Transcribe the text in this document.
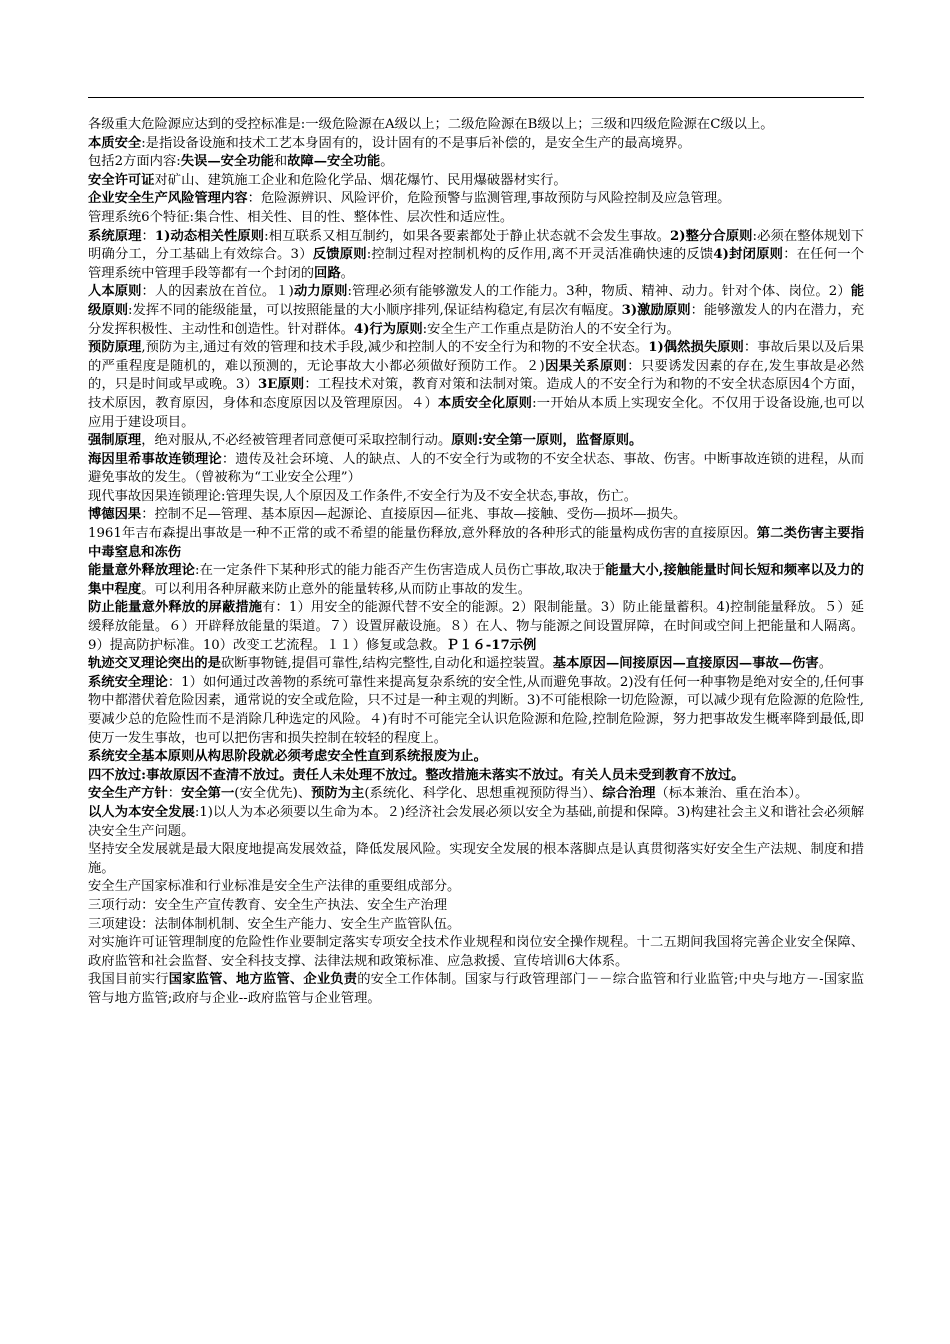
各级重大危险源应达到的受控标准是:一级危险源在A级以上；二级危险源在B级以上；三级和四级危险源在C级以上。

本质安全:是指设备设施和技术工艺本身固有的，设计固有的不是事后补偿的，是安全生产的最高境界。

包括2方面内容:失误—安全功能和故障—安全功能。

安全许可证对矿山、建筑施工企业和危险化学品、烟花爆竹、民用爆破器材实行。

企业安全生产风险管理内容：危险源辨识、风险评价，危险预警与监测管理,事故预防与风险控制及应急管理。

管理系统6个特征:集合性、相关性、目的性、整体性、层次性和适应性。

系统原理：1)动态相关性原则:相互联系又相互制约，如果各要素都处于静止状态就不会发生事故。2)整分合原则:必须在整体规划下明确分工，分工基础上有效综合。3）反馈原则:控制过程对控制机构的反作用,离不开灵活准确快速的反馈4)封闭原则：在任何一个管理系统中管理手段等都有一个封闭的回路。

人本原则：人的因素放在首位。１)动力原则:管理必须有能够激发人的工作能力。3种，物质、精神、动力。针对个体、岗位。2）能级原则:发挥不同的能级能量，可以按照能量的大小顺序排列,保证结构稳定,有层次有幅度。3)激励原则：能够激发人的内在潜力，充分发挥积极性、主动性和创造性。针对群体。4)行为原则:安全生产工作重点是防治人的不安全行为。

预防原理,预防为主,通过有效的管理和技术手段,减少和控制人的不安全行为和物的不安全状态。1)偶然损失原则：事故后果以及后果的严重程度是随机的，难以预测的，无论事故大小都必须做好预防工作。２)因果关系原则：只要诱发因素的存在,发生事故是必然的，只是时间或早或晚。3）3E原则：工程技术对策，教育对策和法制对策。造成人的不安全行为和物的不安全状态原因4个方面，技术原因，教育原因，身体和态度原因以及管理原因。４）本质安全化原则:一开始从本质上实现安全化。不仅用于设备设施,也可以应用于建设项目。

强制原理，绝对服从,不必经被管理者同意便可采取控制行动。原则:安全第一原则，监督原则。

海因里希事故连锁理论：遗传及社会环境、人的缺点、人的不安全行为或物的不安全状态、事故、伤害。中断事故连锁的进程，从而避免事故的发生。（曾被称为“工业安全公理”）

现代事故因果连锁理论:管理失误,人个原因及工作条件,不安全行为及不安全状态,事故，伤亡。

博德因果：控制不足—管理、基本原因—起源论、直接原因—征兆、事故—接触、受伤—损坏—损失。

1961年吉布森提出事故是一种不正常的或不希望的能量伤释放,意外释放的各种形式的能量构成伤害的直接原因。第二类伤害主要指中毒窒息和冻伤

能量意外释放理论:在一定条件下某种形式的能力能否产生伤害造成人员伤亡事故,取决于能量大小,接触能量时间长短和频率以及力的集中程度。可以利用各种屏蔽来防止意外的能量转移,从而防止事故的发生。

防止能量意外释放的屏蔽措施有：1）用安全的能源代替不安全的能源。2）限制能量。3）防止能量蓄积。4)控制能量释放。５）延缓释放能量。６）开辟释放能量的渠道。７）设置屏蔽设施。８）在人、物与能源之间设置屏障，在时间或空间上把能量和人隔离。9）提高防护标准。10）改变工艺流程。１１）修复或急救。Ｐ１６-17示例

轨迹交叉理论突出的是砍断事物链,提倡可靠性,结构完整性,自动化和遥控装置。基本原因—间接原因—直接原因—事故—伤害。

系统安全理论：1）如何通过改善物的系统可靠性来提高复杂系统的安全性,从而避免事故。2)没有任何一种事物是绝对安全的,任何事物中都潜伏着危险因素，通常说的安全或危险，只不过是一种主观的判断。3)不可能根除一切危险源，可以减少现有危险源的危险性,要减少总的危险性而不是消除几种选定的风险。４)有时不可能完全认识危险源和危险,控制危险源，努力把事故发生概率降到最低,即使万一发生事故，也可以把伤害和损失控制在较轻的程度上。

系统安全基本原则从构思阶段就必须考虑安全性直到系统报废为止。

四不放过:事故原因不查清不放过。责任人未处理不放过。整改措施未落实不放过。有关人员未受到教育不放过。

安全生产方针：安全第一(安全优先)、预防为主(系统化、科学化、思想重视预防得当）、综合治理（标本兼治、重在治本）。

以人为本安全发展:1)以人为本必须要以生命为本。２)经济社会发展必须以安全为基础,前提和保障。3)构建社会主义和谐社会必须解决安全生产问题。

坚持安全发展就是最大限度地提高发展效益，降低发展风险。实现安全发展的根本落脚点是认真贯彻落实好安全生产法规、制度和措施。

安全生产国家标准和行业标准是安全生产法律的重要组成部分。

三项行动：安全生产宣传教育、安全生产执法、安全生产治理

三项建设：法制体制机制、安全生产能力、安全生产监管队伍。

对实施许可证管理制度的危险性作业要制定落实专项安全技术作业规程和岗位安全操作规程。十二五期间我国将完善企业安全保障、政府监管和社会监督、安全科技支撑、法律法规和政策标准、应急救援、宣传培训6大体系。

我国目前实行国家监管、地方监管、企业负责的安全工作体制。国家与行政管理部门－－综合监管和行业监管;中央与地方－-国家监管与地方监管;政府与企业--政府监管与企业管理。
